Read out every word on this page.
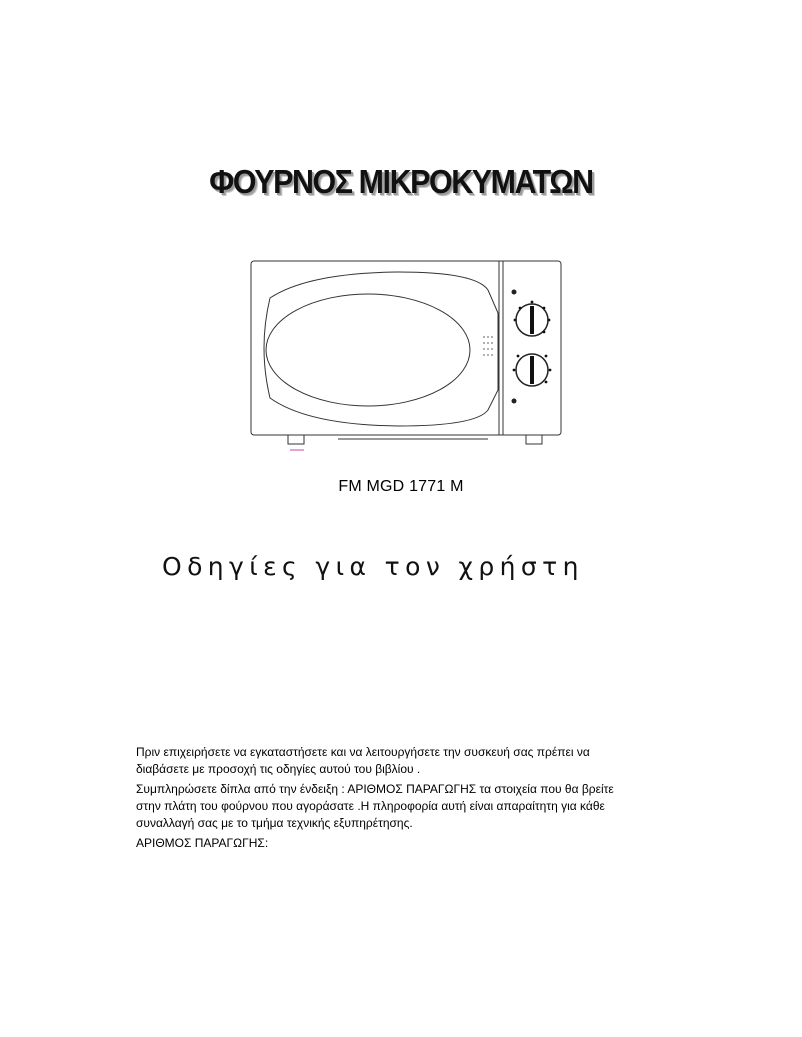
ΦΟΥΡΝΟΣ ΜΙΚΡΟΚΥΜΑΤΩΝ
FM MGD 1771 M
Οδηγίες για τον χρήστη

Πριν επιχειρήσετε να εγκαταστήσετε και να λειτουργήσετε την συσκευή σας πρέπει να
διαβάσετε με προσοχή τις οδηγίες αυτού του βιβλίου .

Συμπληρώσετε δίπλα από την ένδειξη : ΑΡΙΘΜΟΣ ΠΑΡΑΓΩΓΗΣ τα στοιχεία που θα βρείτε
στην πλάτη του φούρνου που αγοράσατε .Η πληροφορία αυτή είναι απαραίτητη για κάθε
συναλλαγή σας με το τμήμα τεχνικής εξυπηρέτησης.

ΑΡΙΘΜΟΣ ΠΑΡΑΓΩΓΗΣ:
